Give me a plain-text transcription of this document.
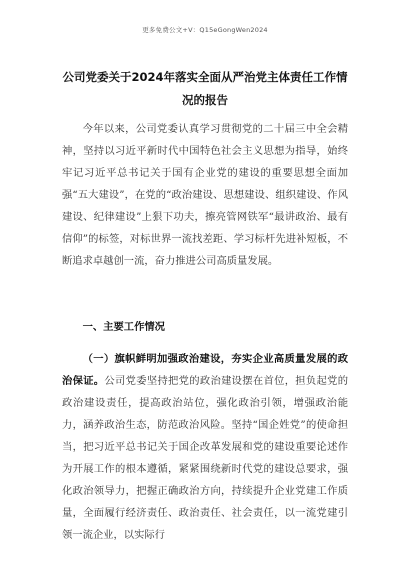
更多免费公文+V：Q15eGongWen2024
公司党委关于2024年落实全面从严治党主体责任工作情况的报告

今年以来，公司党委认真学习贯彻党的二十届三中全会精神，坚持以习近平新时代中国特色社会主义思想为指导，始终牢记习近平总书记关于国有企业党的建设的重要思想全面加强“五大建设”，在党的“政治建设、思想建设、组织建设、作风建设、纪律建设”上狠下功夫，擦亮管网铁军“最讲政治、最有信仰”的标签，对标世界一流找差距、学习标杆先进补短板，不断追求卓越创一流，奋力推进公司高质量发展。

一、主要工作情况

（一）旗帜鲜明加强政治建设，夯实企业高质量发展的政治保证。公司党委坚持把党的政治建设摆在首位，担负起党的政治建设责任，提高政治站位，强化政治引领，增强政治能力，涵养政治生态，防范政治风险。坚持“国企姓党”的使命担当，把习近平总书记关于国企改革发展和党的建设重要论述作为开展工作的根本遵循，紧紧围绕新时代党的建设总要求，强化政治领导力，把握正确政治方向，持续提升企业党建工作质量，全面履行经济责任、政治责任、社会责任，以一流党建引领一流企业，以实际行
